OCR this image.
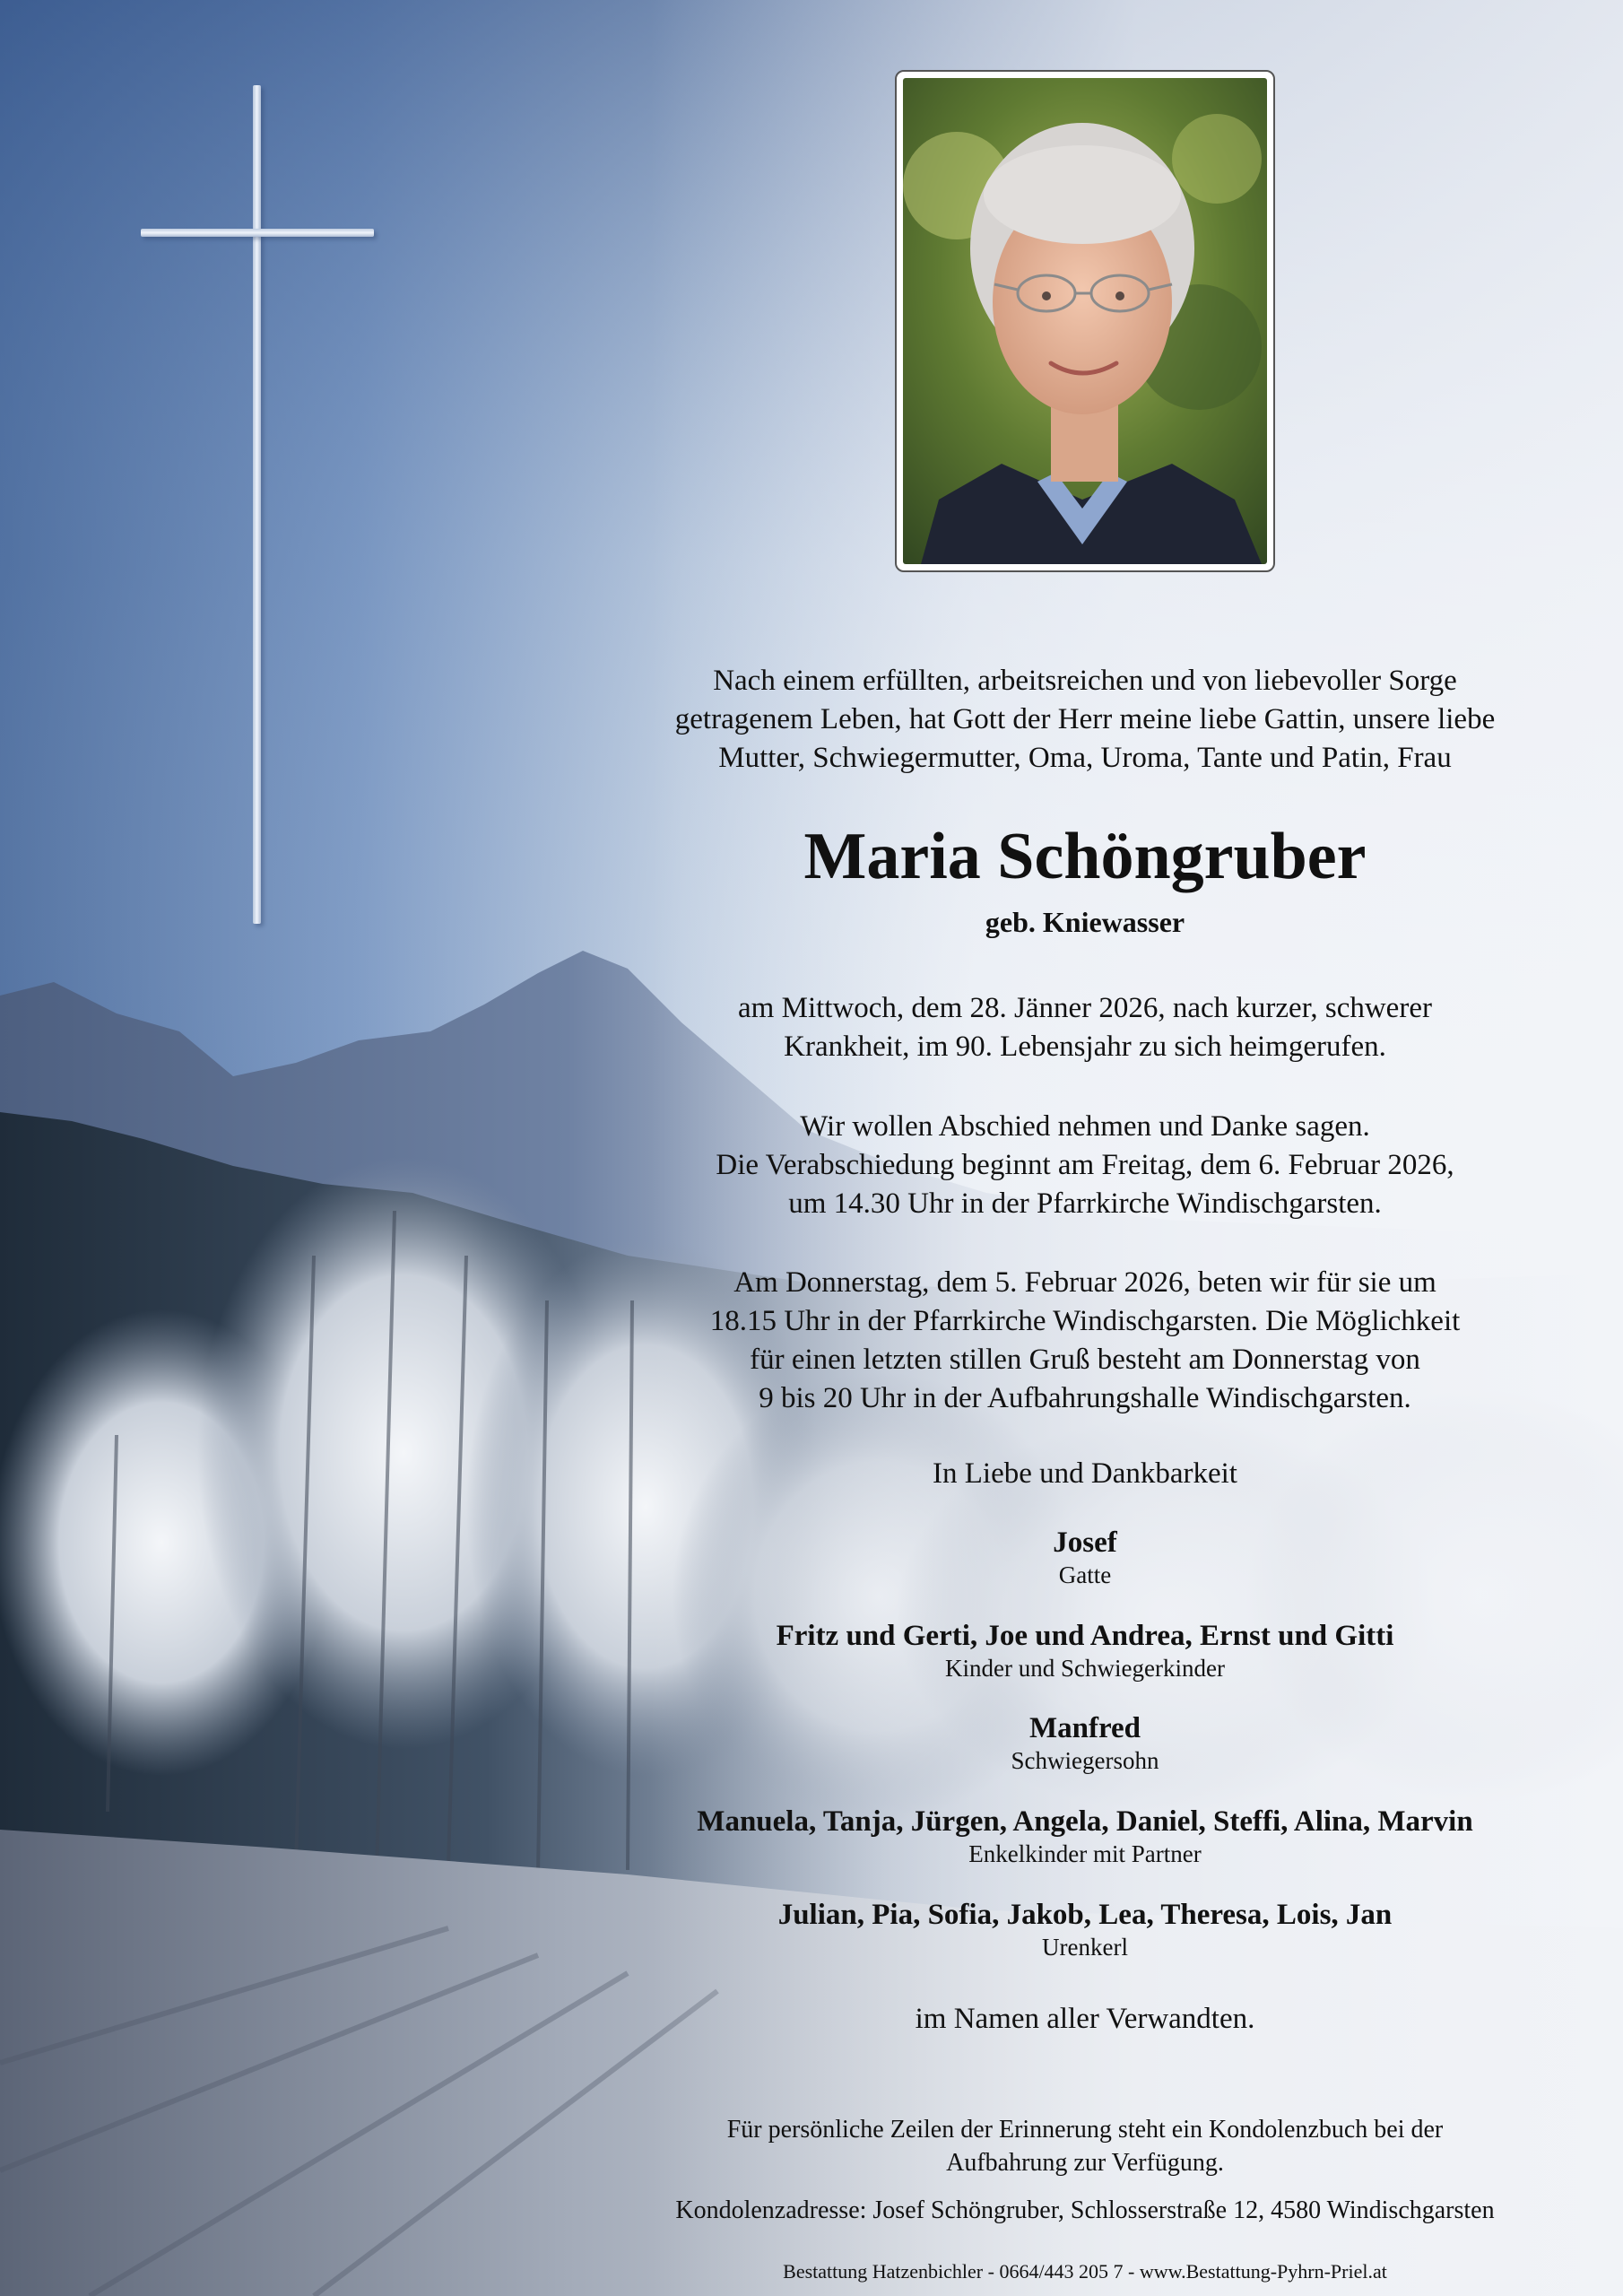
Nach einem erfüllten, arbeitsreichen und von liebevoller Sorge
getragenem Leben, hat Gott der Herr meine liebe Gattin, unsere liebe
Mutter, Schwiegermutter, Oma, Uroma, Tante und Patin, Frau
Maria Schöngruber
geb. Kniewasser
am Mittwoch, dem 28. Jänner 2026, nach kurzer, schwerer
Krankheit, im 90. Lebensjahr zu sich heimgerufen.
Wir wollen Abschied nehmen und Danke sagen.
Die Verabschiedung beginnt am Freitag, dem 6. Februar 2026,
um 14.30 Uhr in der Pfarrkirche Windischgarsten.
Am Donnerstag, dem 5. Februar 2026, beten wir für sie um
18.15 Uhr in der Pfarrkirche Windischgarsten. Die Möglichkeit
für einen letzten stillen Gruß besteht am Donnerstag von
9 bis 20 Uhr in der Aufbahrungshalle Windischgarsten.
In Liebe und Dankbarkeit
Josef
Gatte
Fritz und Gerti, Joe und Andrea, Ernst und Gitti
Kinder und Schwiegerkinder
Manfred
Schwiegersohn
Manuela, Tanja, Jürgen, Angela, Daniel, Steffi, Alina, Marvin
Enkelkinder mit Partner
Julian, Pia, Sofia, Jakob, Lea, Theresa, Lois, Jan
Urenkerl
im Namen aller Verwandten.
Für persönliche Zeilen der Erinnerung steht ein Kondolenzbuch bei der
Aufbahrung zur Verfügung.
Kondolenzadresse: Josef Schöngruber, Schlosserstraße 12, 4580 Windischgarsten
Bestattung Hatzenbichler - 0664/443 205 7 - www.Bestattung-Pyhrn-Priel.at
